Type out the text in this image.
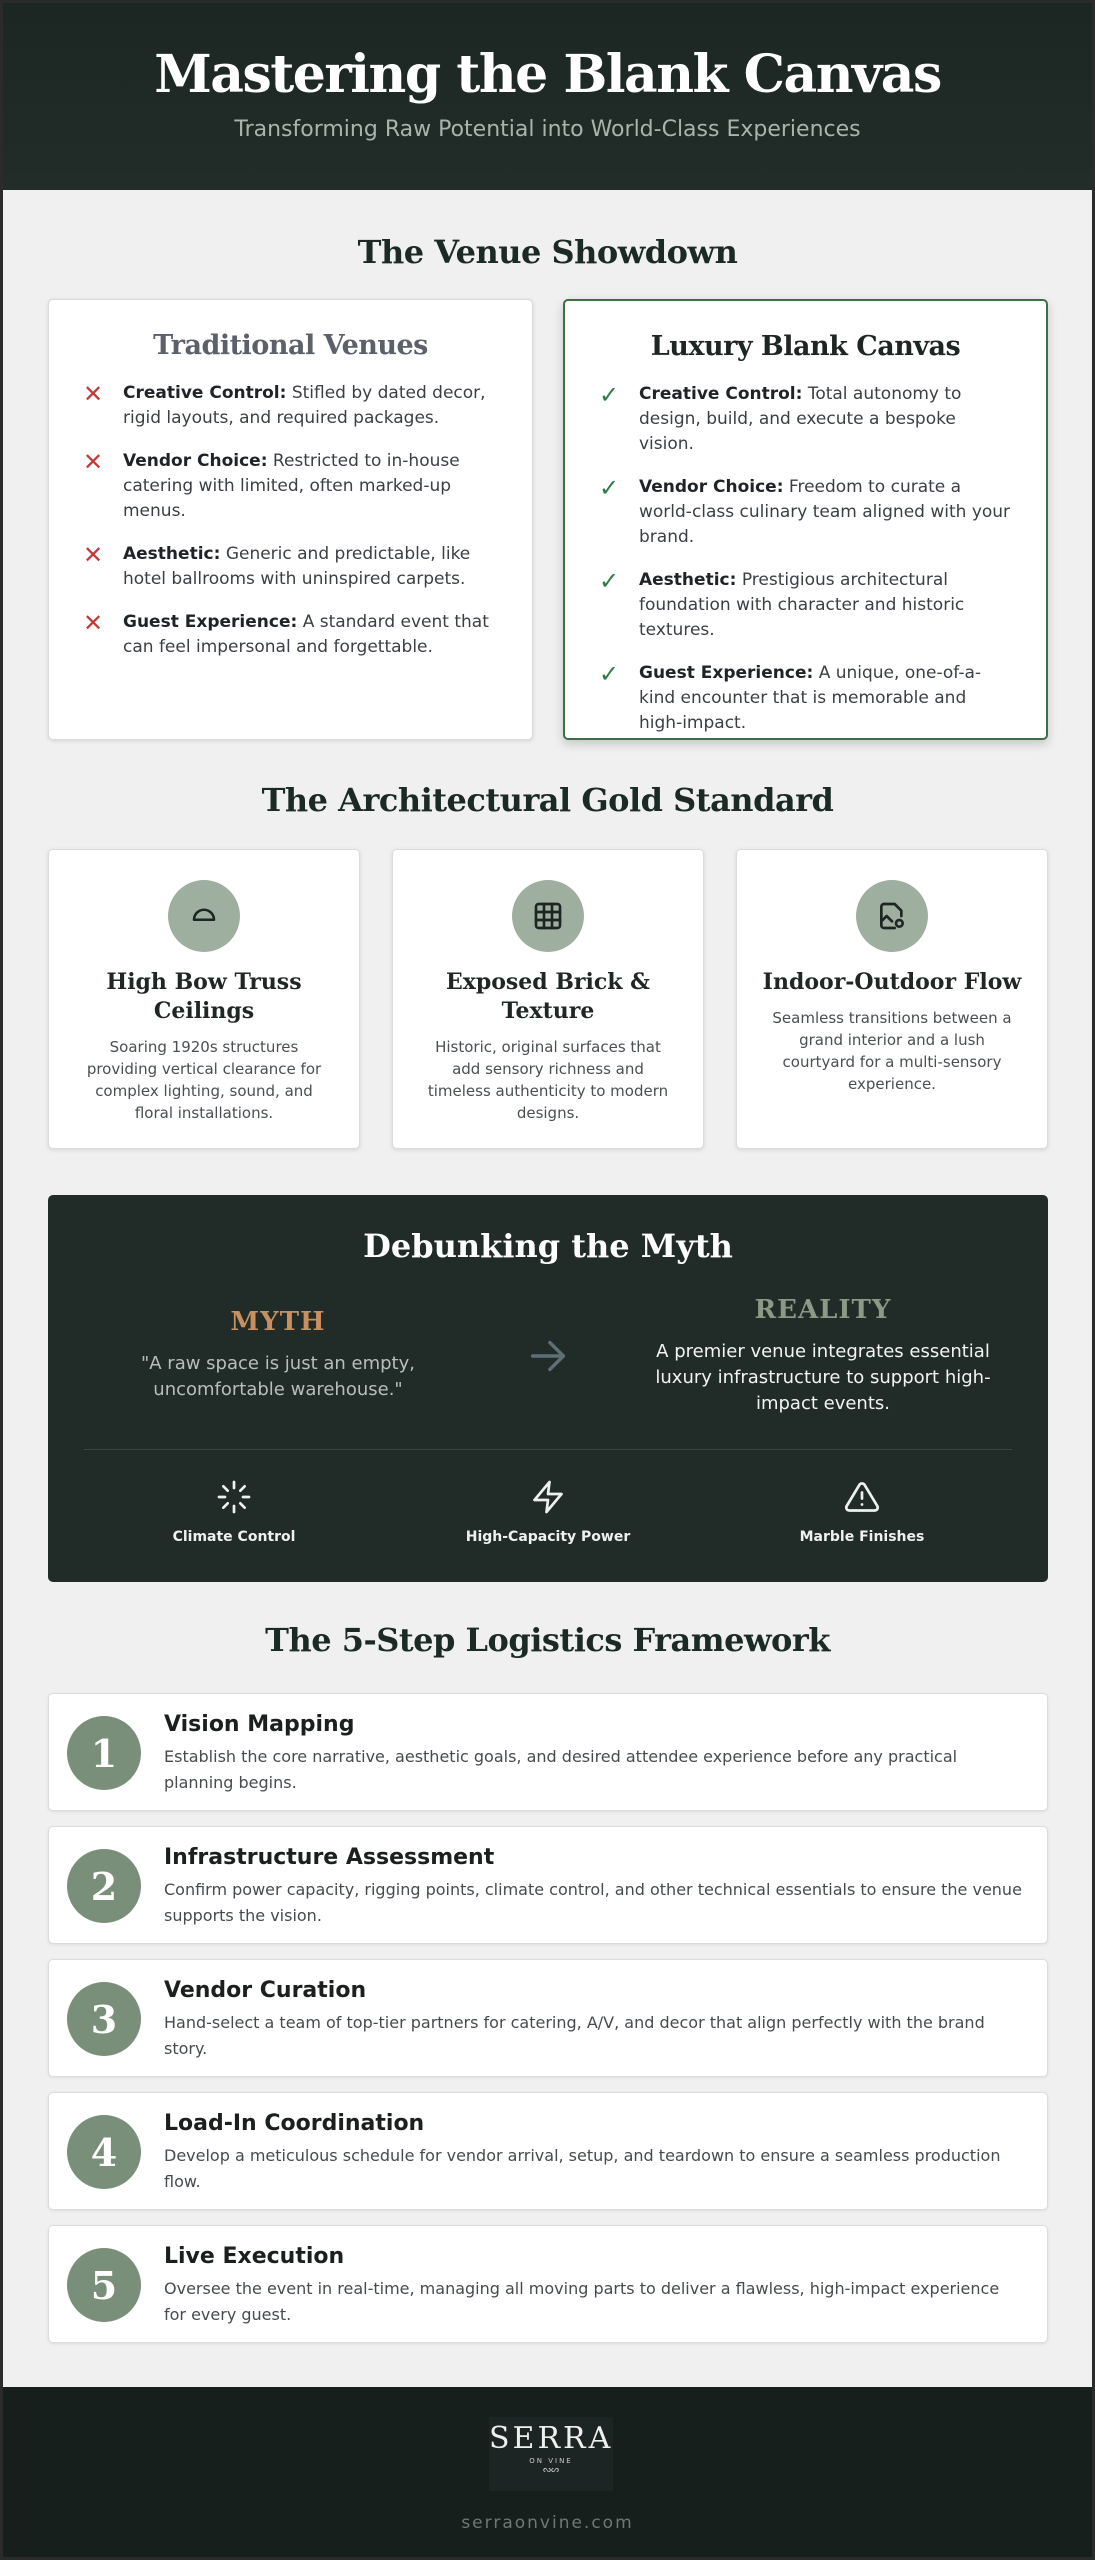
Mastering the Blank Canvas
Transforming Raw Potential into World-Class Experiences
The Venue Showdown
Traditional Venues
✕	Creative Control: Stifled by dated decor, rigid layouts, and required packages.
✕	Vendor Choice: Restricted to in-house catering with limited, often marked-up menus.
✕	Aesthetic: Generic and predictable, like hotel ballrooms with uninspired carpets.
✕	Guest Experience: A standard event that can feel impersonal and forgettable.
Luxury Blank Canvas
✓	Creative Control: Total autonomy to design, build, and execute a bespoke vision.
✓	Vendor Choice: Freedom to curate a world-class culinary team aligned with your brand.
✓	Aesthetic: Prestigious architectural foundation with character and historic textures.
✓	Guest Experience: A unique, one-of-a-kind encounter that is memorable and high-impact.
The Architectural Gold Standard
High Bow Truss Ceilings

Soaring 1920s structures providing vertical clearance for complex lighting, sound, and floral installations.

Exposed Brick & Texture

Historic, original surfaces that add sensory richness and timeless authenticity to modern designs.

Indoor-Outdoor Flow

Seamless transitions between a grand interior and a lush courtyard for a multi-sensory experience.

Debunking the Myth
MYTH
"A raw space is just an empty, uncomfortable warehouse."
REALITY
A premier venue integrates essential luxury infrastructure to support high-impact events.
Climate Control	High-Capacity Power	Marble Finishes
The 5-Step Logistics Framework
1
Vision Mapping
Establish the core narrative, aesthetic goals, and desired attendee experience before any practical planning begins.
2
Infrastructure Assessment
Confirm power capacity, rigging points, climate control, and other technical essentials to ensure the venue supports the vision.
3
Vendor Curation
Hand-select a team of top-tier partners for catering, A/V, and decor that align perfectly with the brand story.
4
Load-In Coordination
Develop a meticulous schedule for vendor arrival, setup, and teardown to ensure a seamless production flow.
5
Live Execution
Oversee the event in real-time, managing all moving parts to deliver a flawless, high-impact experience for every guest.
SERRA
ON VINE
ᔓᔕ
serraonvine.com
